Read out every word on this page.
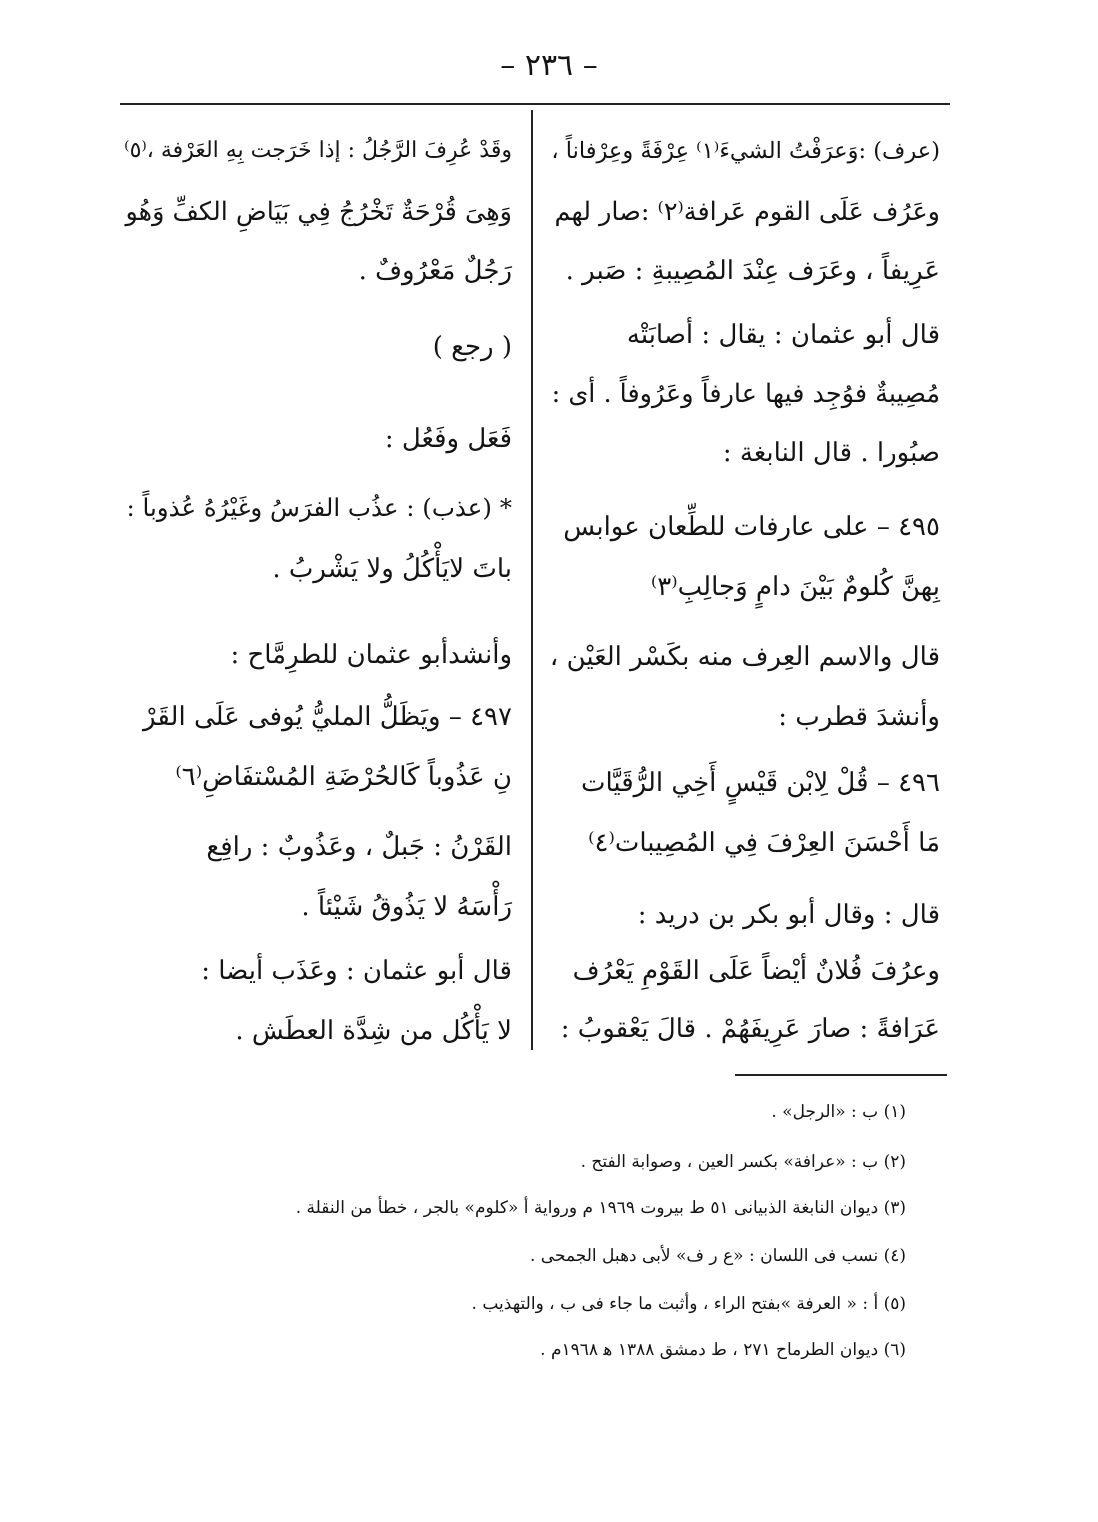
– ٢٣٦ –
(عرف) :وَعرَفْتُ الشيءَ⁽١⁾ عِرْفَةً وعِرْفاناً ،
وعَرُف عَلَى القوم عَرافة⁽٢⁾ :صار لهم
عَرِيفاً ، وعَرَف عِنْدَ المُصِيبةِ : صَبر .
قال أبو عثمان : يقال : أصابَتْه
مُصِيبةٌ فوُجِد فيها عارفاً وعَرُوفاً . أى :
صبُورا . قال النابغة :
٤٩٥ – على عارفات للطِّعان عوابس
بِهنَّ كُلومٌ بَيْنَ دامٍ وَجالِبِ⁽٣⁾
قال والاسم العِرف منه بكَسْر العَيْن ،
وأنشدَ قطرب :
٤٩٦ – قُلْ لِابْن قَيْسٍ أَخِي الرُّقَيَّات
مَا أَحْسَنَ العِرْفَ فِي المُصِيبات⁽٤⁾
قال : وقال أبو بكر بن دريد :
وعرُفَ فُلانٌ أيْضاً عَلَى القَوْمِ يَعْرُف
عَرَافةً : صارَ عَرِيفَهُمْ . قالَ يَعْقوبُ :
وقَدْ عُرِفَ الرَّجُلُ : إذا خَرَجت بِهِ العَرْفة ،⁽٥⁾
وَهِىَ قُرْحَةٌ تَخْرُجُ فِي بَيَاضِ الكفِّ وَهُو
رَجُلٌ مَعْرُوفٌ .
( رجع )
فَعَل وفَعُل :
* (عذب) : عذُب الفرَسُ وغَيْرُهُ عُذوباً :
باتَ لايَأْكُلُ ولا يَشْربُ .
وأنشدأبو عثمان للطرِمَّاح :
٤٩٧ – ويَظَلُّ المليُّ يُوفى عَلَى القَرْ
نِ عَذُوباً كَالحُرْضَةِ المُسْتفَاضِ⁽٦⁾
القَرْنُ : جَبلٌ ، وعَذُوبٌ : رافِع
رَأْسَهُ لا يَذُوقُ شَيْئاً .
قال أبو عثمان : وعَذَب أيضا :
لا يَأْكُل من شِدَّة العطَش .
(١) ب : «الرجل» .
(٢) ب : «عرافة» بكسر العين ، وصوابة الفتح .
(٣) ديوان النابغة الذبيانى ٥١ ط بيروت ١٩٦٩ م ورواية أ «كلوم» بالجر ، خطأ من النقلة .
(٤) نسب فى اللسان : «ع ر ف» لأبى دهبل الجمحى .
(٥) أ : « العرفة »بفتح الراء ، وأثبت ما جاء فى ب ، والتهذيب .
(٦) ديوان الطرماح ٢٧١ ، ط دمشق ١٣٨٨ ﻫ ١٩٦٨م .
